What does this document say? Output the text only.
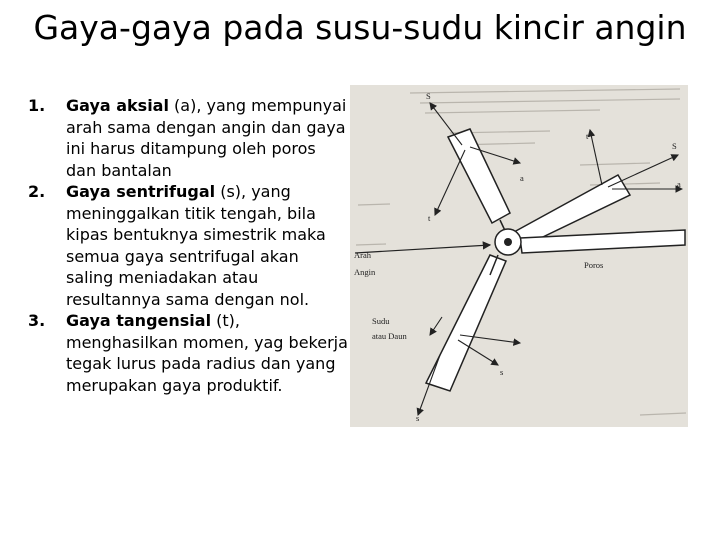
Gaya-gaya pada susu-sudu kincir angin
1. Gaya aksial (a), yang mempunyai arah sama dengan angin dan gaya ini harus ditampung oleh poros dan bantalan
2. Gaya sentrifugal (s), yang meninggalkan titik tengah, bila kipas bentuknya simestrik maka semua gaya sentrifugal akan saling meniadakan atau resultannya sama dengan nol.
3. Gaya tangensial (t), menghasilkan momen, yag bekerja tegak lurus pada radius dan yang merupakan gaya produktif.
S
t
S
a
a
t
Arah
Angin
Poros
Sudu
atau Daun	a
s
s
